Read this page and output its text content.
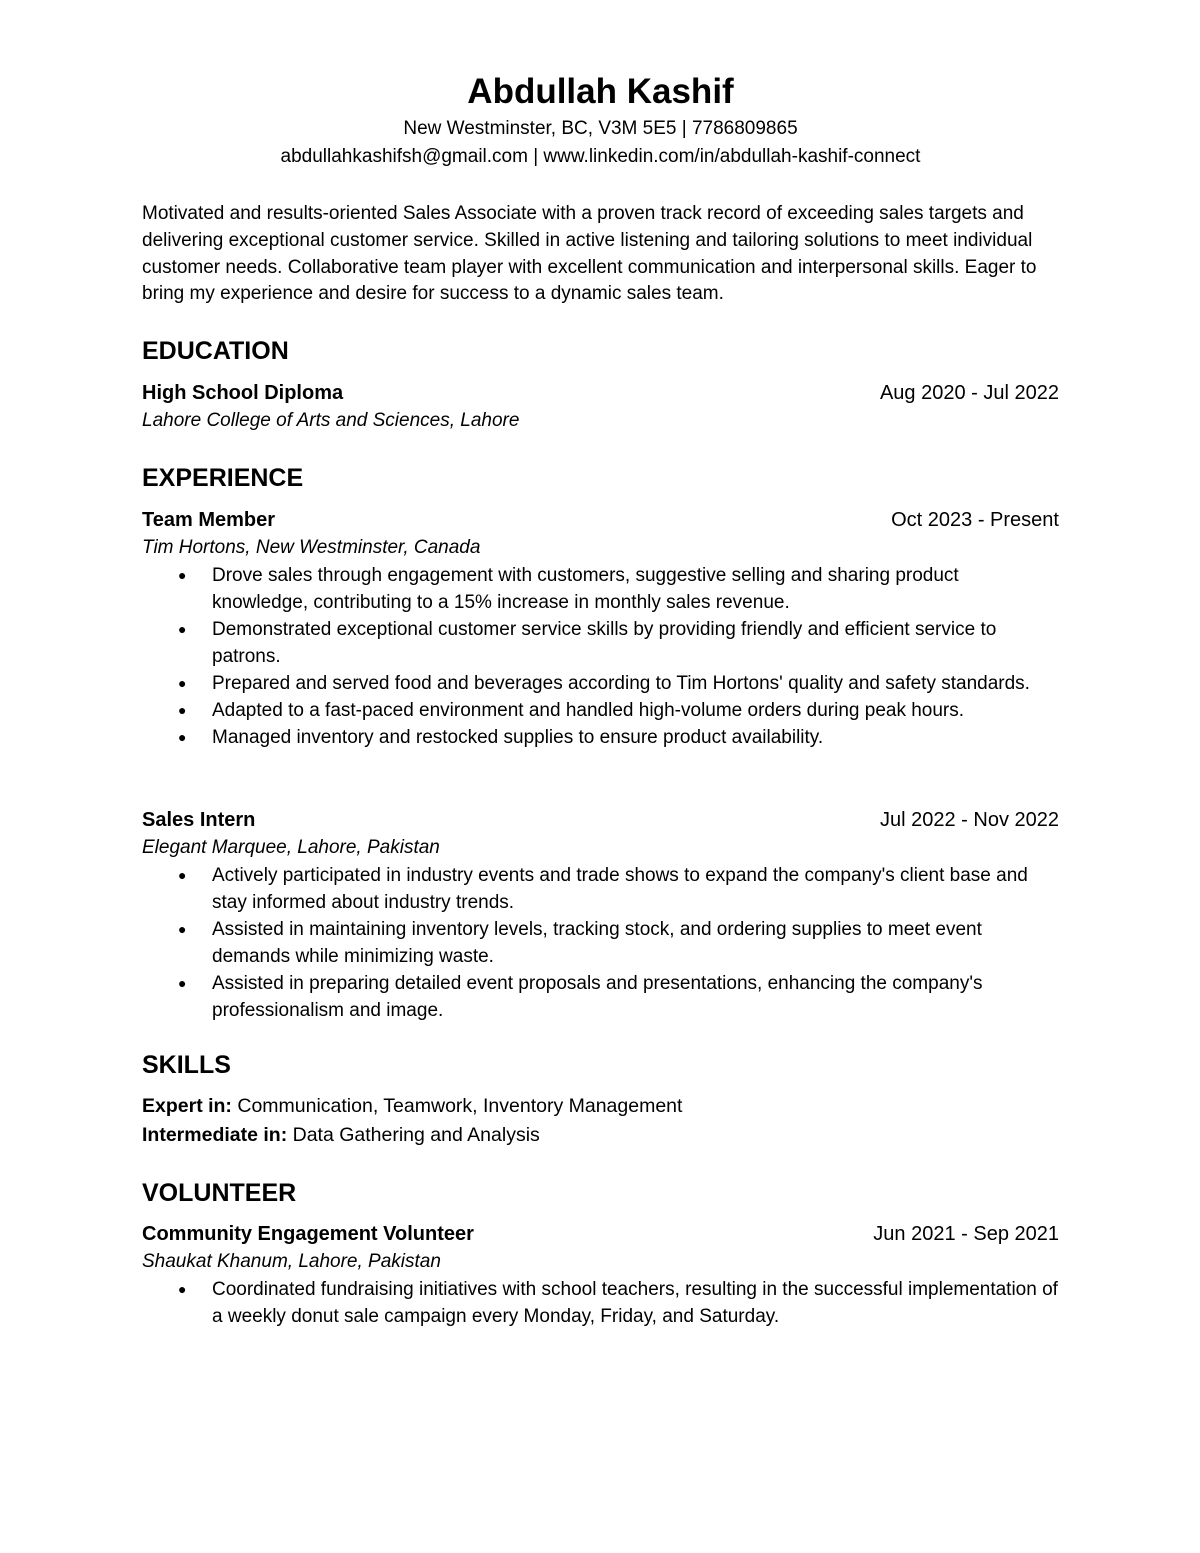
Abdullah Kashif

New Westminster, BC, V3M 5E5 | 7786809865

abdullahkashifsh@gmail.com | www.linkedin.com/in/abdullah-kashif-connect

Motivated and results-oriented Sales Associate with a proven track record of exceeding sales targets and delivering exceptional customer service. Skilled in active listening and tailoring solutions to meet individual customer needs. Collaborative team player with excellent communication and interpersonal skills. Eager to bring my experience and desire for success to a dynamic sales team.

EDUCATION
High School Diploma	Aug 2020 - Jul 2022
Lahore College of Arts and Sciences, Lahore
EXPERIENCE
Team Member	Oct 2023 - Present
Tim Hortons, New Westminster, Canada
● Drove sales through engagement with customers, suggestive selling and sharing product knowledge, contributing to a 15% increase in monthly sales revenue.
● Demonstrated exceptional customer service skills by providing friendly and efficient service to patrons.
● Prepared and served food and beverages according to Tim Hortons' quality and safety standards.
● Adapted to a fast-paced environment and handled high-volume orders during peak hours.
● Managed inventory and restocked supplies to ensure product availability.
Sales Intern	Jul 2022 - Nov 2022
Elegant Marquee, Lahore, Pakistan
● Actively participated in industry events and trade shows to expand the company's client base and stay informed about industry trends.
● Assisted in maintaining inventory levels, tracking stock, and ordering supplies to meet event demands while minimizing waste.
● Assisted in preparing detailed event proposals and presentations, enhancing the company's professionalism and image.
SKILLS
Expert in: Communication, Teamwork, Inventory Management
Intermediate in: Data Gathering and Analysis
VOLUNTEER
Community Engagement Volunteer	Jun 2021 - Sep 2021
Shaukat Khanum, Lahore, Pakistan
● Coordinated fundraising initiatives with school teachers, resulting in the successful implementation of a weekly donut sale campaign every Monday, Friday, and Saturday.
